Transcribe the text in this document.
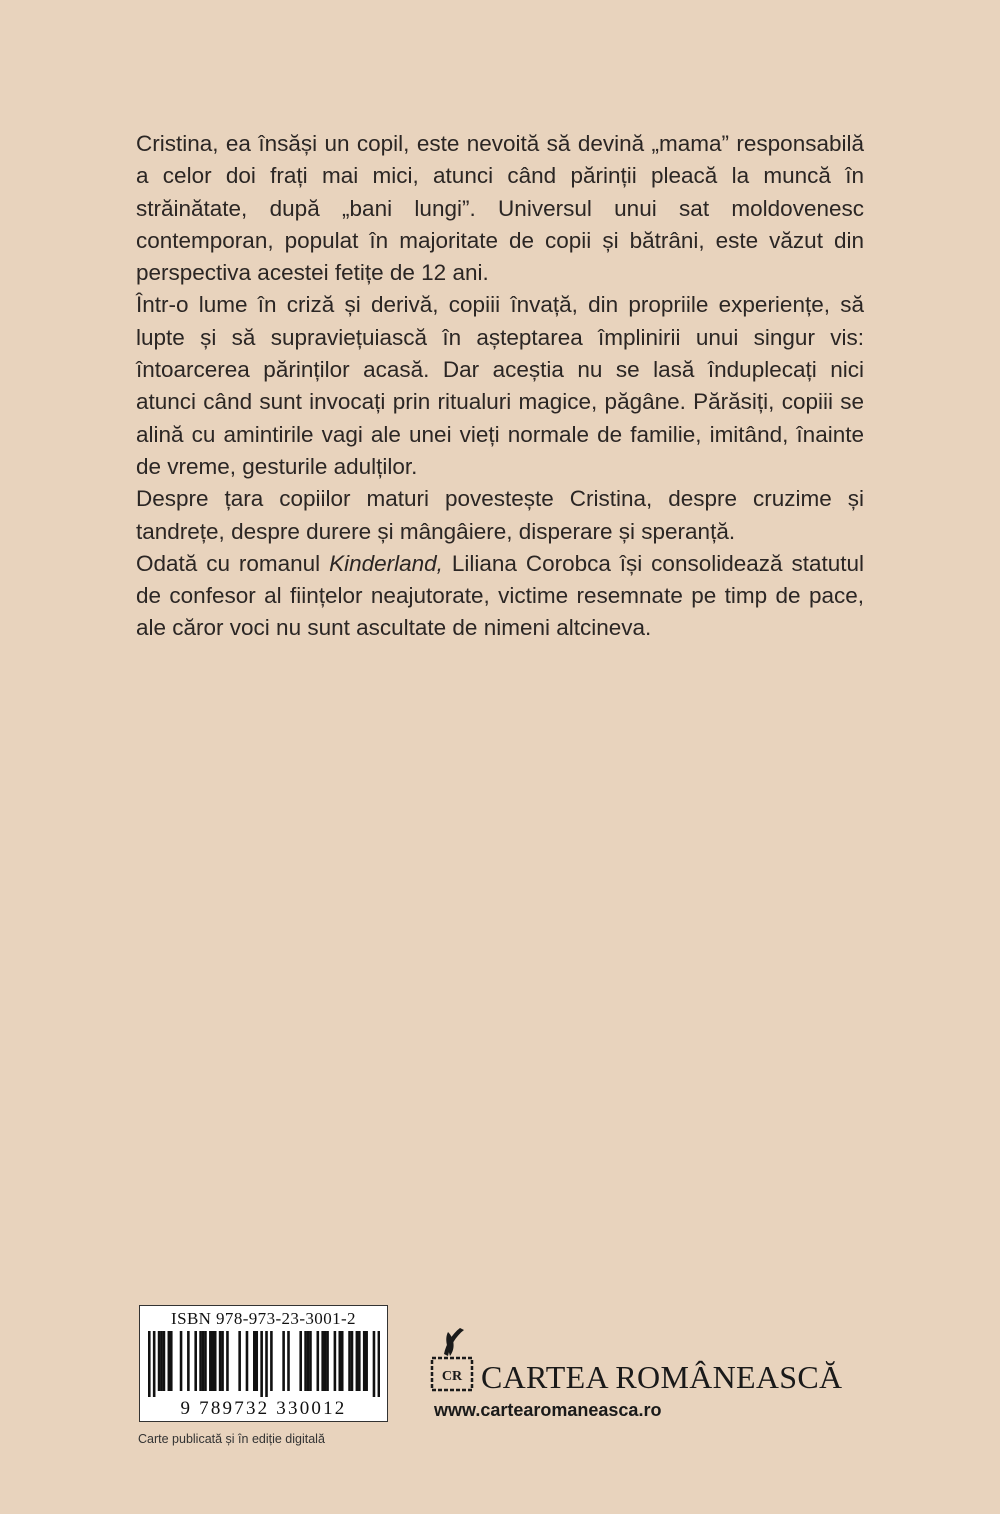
Cristina, ea însăși un copil, este nevoită să devină „mama” responsabilă a celor doi frați mai mici, atunci când părinții pleacă la muncă în străinătate, după „bani lungi”. Universul unui sat moldovenesc contemporan, populat în majoritate de copii și bătrâni, este văzut din perspectiva acestei fetițe de 12 ani.

Într-o lume în criză și derivă, copiii învață, din propriile experiențe, să lupte și să supraviețuiască în așteptarea împlinirii unui singur vis: întoarcerea părinților acasă. Dar aceștia nu se lasă înduplecați nici atunci când sunt invocați prin ritualuri magice, păgâne. Părăsiți, copiii se alină cu amintirile vagi ale unei vieți normale de familie, imitând, înainte de vreme, gesturile adulților.

Despre țara copiilor maturi povestește Cristina, despre cruzime și tandrețe, despre durere și mângâiere, disperare și speranță.

Odată cu romanul Kinderland, Liliana Corobca își consolidează statutul de confesor al ființelor neajutorate, victime resemnate pe timp de pace, ale căror voci nu sunt ascultate de nimeni altcineva.

ISBN 978-973-23-3001-2
9 789732 330012
Carte publicată și în ediție digitală
CR CARTEA ROMÂNEASCĂ
www.cartearomaneasca.ro
